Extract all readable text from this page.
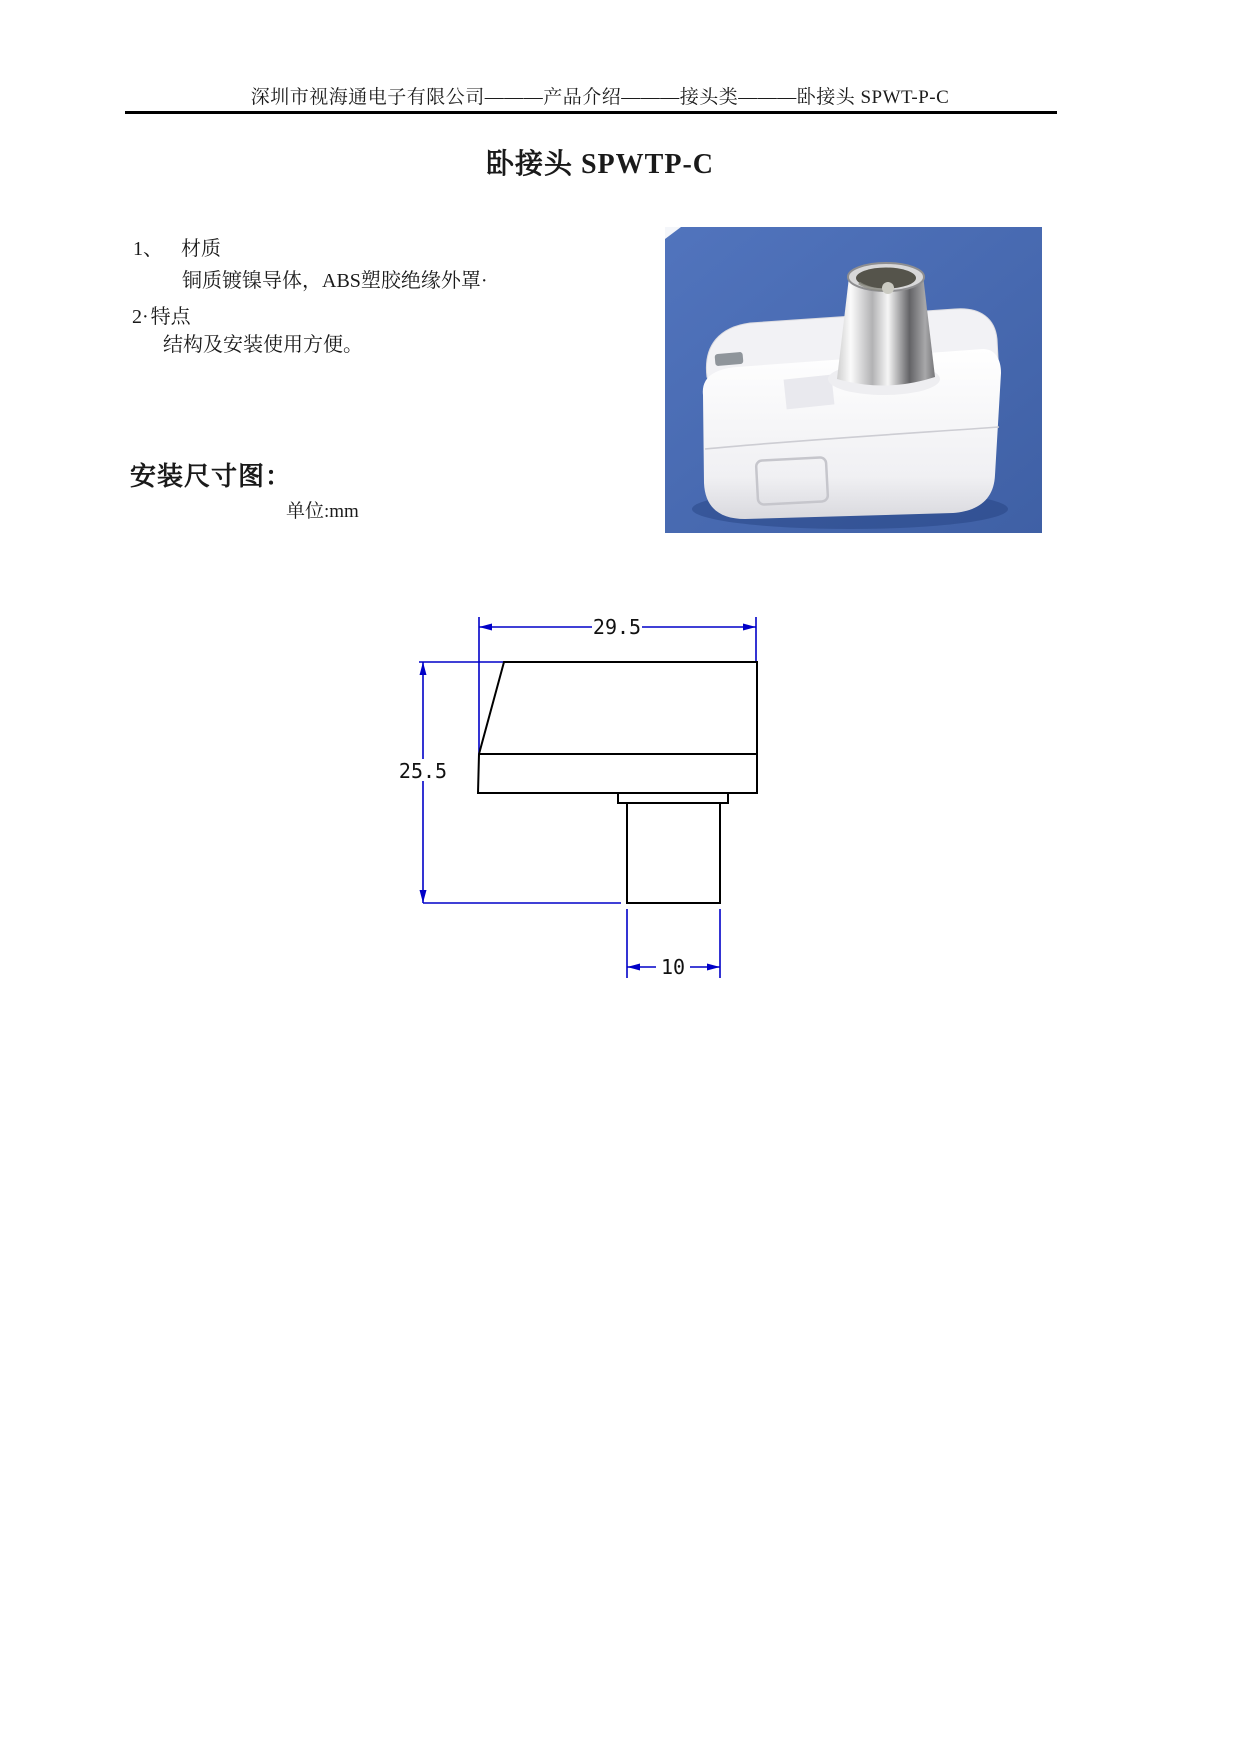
深圳市视海通电子有限公司———产品介绍———接头类———卧接头 SPWT-P-C
卧接头 SPWTP-C
1、 材质
铜质镀镍导体，ABS塑胶绝缘外罩·
2· 特点
结构及安装使用方便。
安装尺寸图：
单位:mm
29.5
25.5
10
